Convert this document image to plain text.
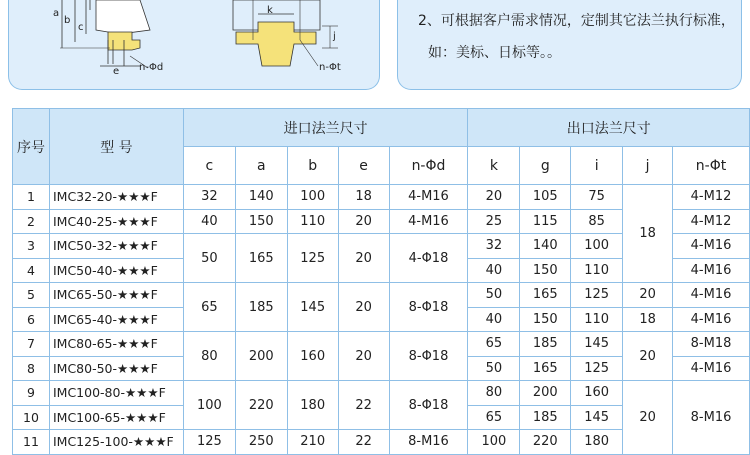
a
b
c
e n-Φd
k
j
n-Φt
2、可根据客户需求情况，定制其它法兰执行标准，
如：美标、日标等。。
序号	型 号	进口法兰尺寸					出口法兰尺寸				
		c	a	b	e	n-Φd	k	g	i	j	n-Φt
1	IMC32-20-★★★F	32	140	100	18	4-M16	20	105	75	18	4-M12
2	IMC40-25-★★★F	40	150	110	20	4-M16	25	115	85		4-M12
3	IMC50-32-★★★F	50	165	125	20	4-Φ18	32	140	100		4-M16
4	IMC50-40-★★★F						40	150	110		4-M16
5	IMC65-50-★★★F	65	185	145	20	8-Φ18	50	165	125	20	4-M16
6	IMC65-40-★★★F						40	150	110	18	4-M16
7	IMC80-65-★★★F	80	200	160	20	8-Φ18	65	185	145	20	8-M18
8	IMC80-50-★★★F						50	165	125		4-M16
9	IMC100-80-★★★F	100	220	180	22	8-Φ18	80	200	160	20	8-M16
10	IMC100-65-★★★F						65	185	145		
11	IMC125-100-★★★F	125	250	210	22	8-M16	100	220	180		
